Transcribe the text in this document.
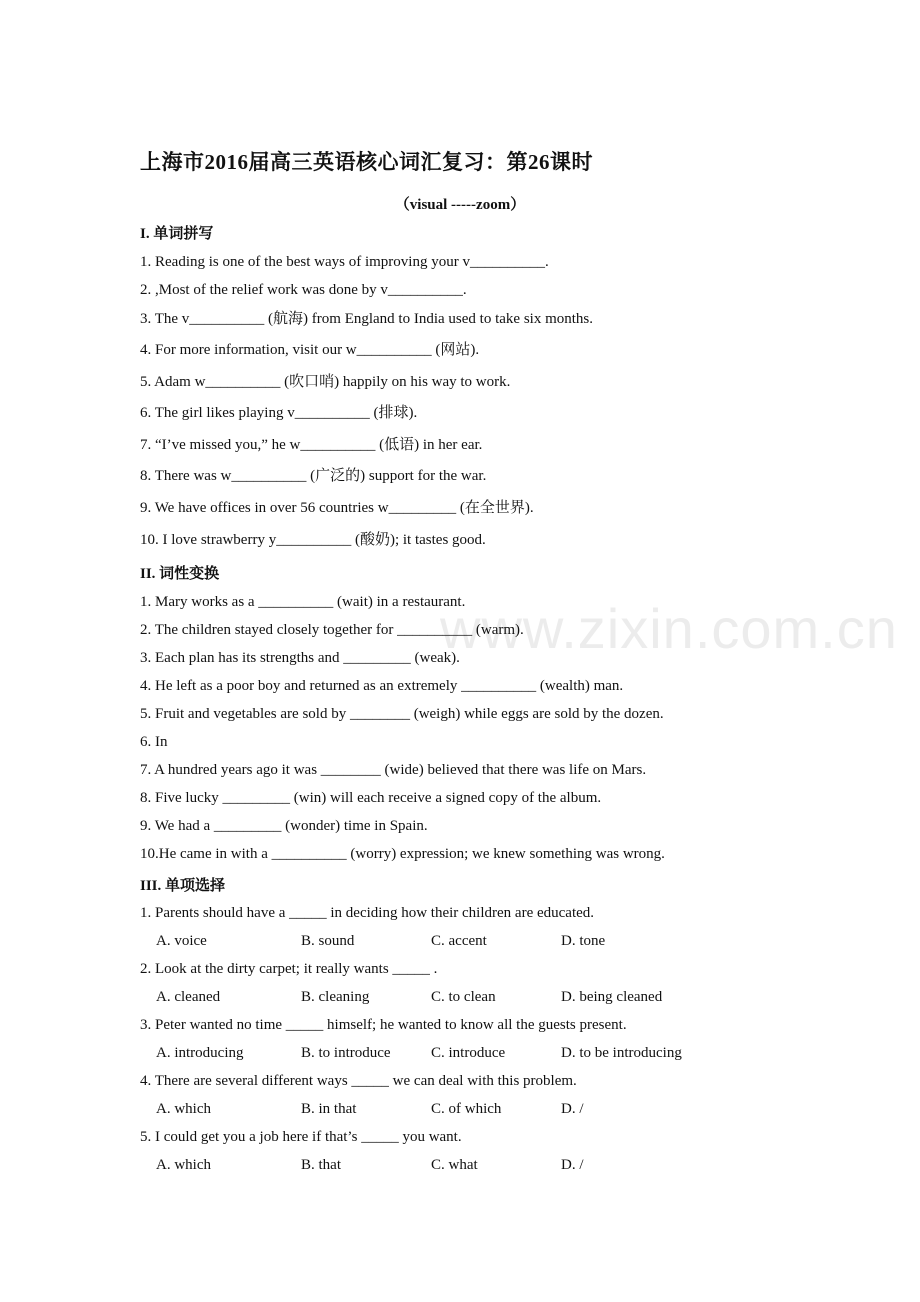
www.zixin.com.cn
上海市2016届高三英语核心词汇复习：第26课时
（visual -----zoom）
I. 单词拼写
1. Reading is one of the best ways of improving your v__________.
2. ,Most of the relief work was done by v__________.
3. The v__________ (航海) from England to India used to take six months.
4. For more information, visit our w__________ (网站).
5. Adam w__________ (吹口哨) happily on his way to work.
6. The girl likes playing v__________ (排球).
7. “I’ve missed you,” he w__________ (低语) in her ear.
8. There was w__________ (广泛的) support for the war.
9. We have offices in over 56 countries w_________ (在全世界).
10. I love strawberry y__________ (酸奶); it tastes good.
II. 词性变换
1. Mary works as a __________ (wait) in a restaurant.
2. The children stayed closely together for __________ (warm).
3. Each plan has its strengths and _________ (weak).
4. He left as a poor boy and returned as an extremely __________ (wealth) man.
5. Fruit and vegetables are sold by ________ (weigh) while eggs are sold by the dozen.
6. In
7. A hundred years ago it was ________ (wide) believed that there was life on Mars.
8. Five lucky _________ (win) will each receive a signed copy of the album.
9. We had a _________ (wonder) time in Spain.
10.He came in with a __________ (worry) expression; we knew something was wrong.
III. 单项选择
1. Parents should have a _____ in deciding how their children are educated.
A. voice	B. sound	C. accent	D. tone
2. Look at the dirty carpet; it really wants _____ .
A. cleaned	B. cleaning	C. to clean	D. being cleaned
3. Peter wanted no time _____ himself; he wanted to know all the guests present.
A. introducing	B. to introduce	C. introduce	D. to be introducing
4. There are several different ways _____ we can deal with this problem.
A. which	B. in that	C. of which	D. /
5. I could get you a job here if that’s _____ you want.
A. which	B. that	C. what	D. /
